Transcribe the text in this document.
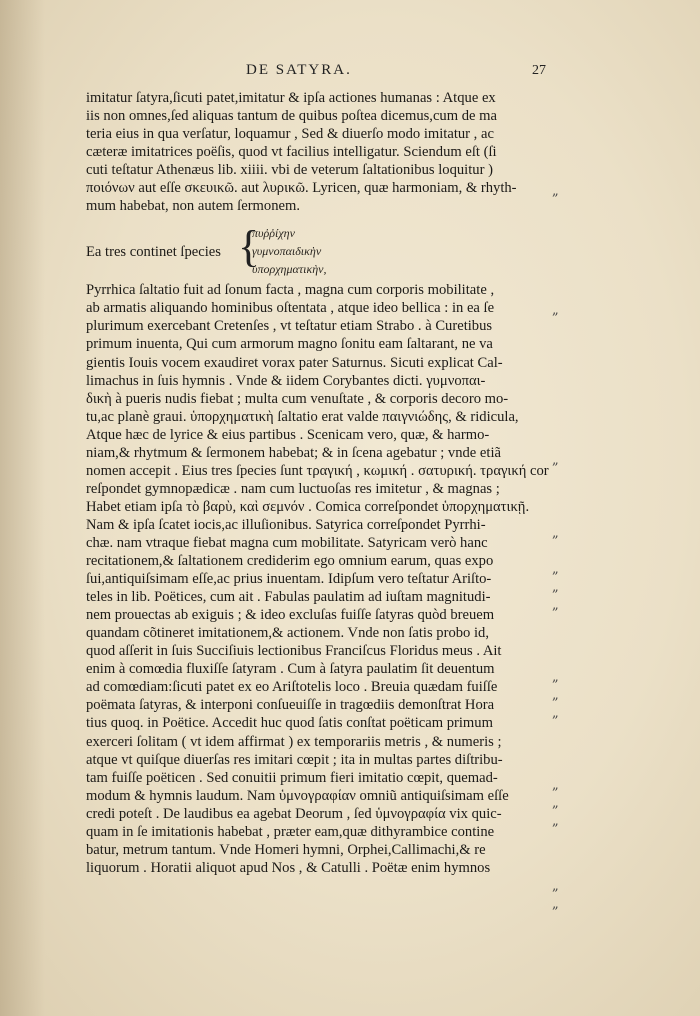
DE SATYRA.	27
imitatur ſatyra,ſicuti patet,imitatur & ipſa actiones humanas : Atque ex
iis non omnes,ſed aliquas tantum de quibus poſtea dicemus,cum de ma
teria eius in qua verſatur, loquamur , Sed & diuerſo modo imitatur , ac
cæteræ imitatrices poëſis, quod vt facilius intelligatur. Sciendum eſt (ſi
cuti teſtatur Athenæus lib. xiiii. vbi de veterum ſaltationibus loquitur )
ποιόνων aut eſſe σκευικῶ. aut λυρικῶ. Lyricen, quæ harmoniam, & rhyth-
mum habebat, non autem ſermonem.
Ea tres continet ſpecies {
πυῤῥίχην
γυμνοπαιδικὴν
ὑπορχηματικὴν,
Pyrrhica ſaltatio fuit ad ſonum facta , magna cum corporis mobilitate ,
ab armatis aliquando hominibus oſtentata , atque ideo bellica : in ea ſe
plurimum exercebant Cretenſes , vt teſtatur etiam Strabo . à Curetibus
primum inuenta, Qui cum armorum magno ſonitu eam ſaltarant, ne va
gientis Iouis vocem exaudiret vorax pater Saturnus. Sicuti explicat Cal-
limachus in ſuis hymnis . Vnde & iidem Corybantes dicti. γυμνοπαι-
δικὴ à pueris nudis fiebat ; multa cum venuſtate , & corporis decoro mo-
tu,ac planè graui. ὑπορχηματικὴ ſaltatio erat valde παιγνιώδης, & ridicula,
Atque hæc de lyrice & eius partibus . Scenicam vero, quæ, & harmo-
niam,& rhytmum & ſermonem habebat; & in ſcena agebatur ; vnde etiã
nomen accepit . Eius tres ſpecies ſunt τραγική , κωμική . σατυρική. τραγική cor
reſpondet gymnopædicæ . nam cum luctuoſas res imitetur , & magnas ;
Habet etiam ipſa τὸ βαρὺ, καὶ σεμνόν . Comica correſpondet ὑπορχηματικῇ.
Nam & ipſa ſcatet iocis,ac illuſionibus. Satyrica correſpondet Pyrrhi-
chæ. nam vtraque fiebat magna cum mobilitate. Satyricam verò hanc
recitationem,& ſaltationem crediderim ego omnium earum, quas expo
ſui,antiquiſsimam eſſe,ac prius inuentam. Idipſum vero teſtatur Ariſto-
teles in lib. Poëtices, cum ait . Fabulas paulatim ad iuſtam magnitudi-
nem prouectas ab exiguis ; & ideo excluſas fuiſſe ſatyras quòd breuem
quandam cõtineret imitationem,& actionem. Vnde non ſatis probo id,
quod aſſerit in ſuis Succiſiuis lectionibus Franciſcus Floridus meus . Ait
enim à comœdia fluxiſſe ſatyram . Cum à ſatyra paulatim ſit deuentum
ad comœdiam:ſicuti patet ex eo Ariſtotelis loco . Breuia quædam fuiſſe
poëmata ſatyras, & interponi conſueuiſſe in tragœdiis demonſtrat Hora
tius quoq. in Poëtice. Accedit huc quod ſatis conſtat poëticam primum
exerceri ſolitam ( vt idem affirmat ) ex temporariis metris , & numeris ;
atque vt quiſque diuerſas res imitari cœpit ; ita in multas partes diſtribu-
tam fuiſſe poëticen . Sed conuitii primum fieri imitatio cœpit, quemad-
modum & hymnis laudum. Nam ὑμνογραφίαν omniũ antiquiſsimam eſſe
credi poteſt . De laudibus ea agebat Deorum , ſed ὑμνογραφία vix quic-
quam in ſe imitationis habebat , præter eam,quæ dithyrambice contine
batur, metrum tantum. Vnde Homeri hymni, Orphei,Callimachi,& re
liquorum . Horatii aliquot apud Nos , & Catulli . Poëtæ enim hymnos
„
„
„
„
„
„
„
„
„
„
„
„
„
„
„
